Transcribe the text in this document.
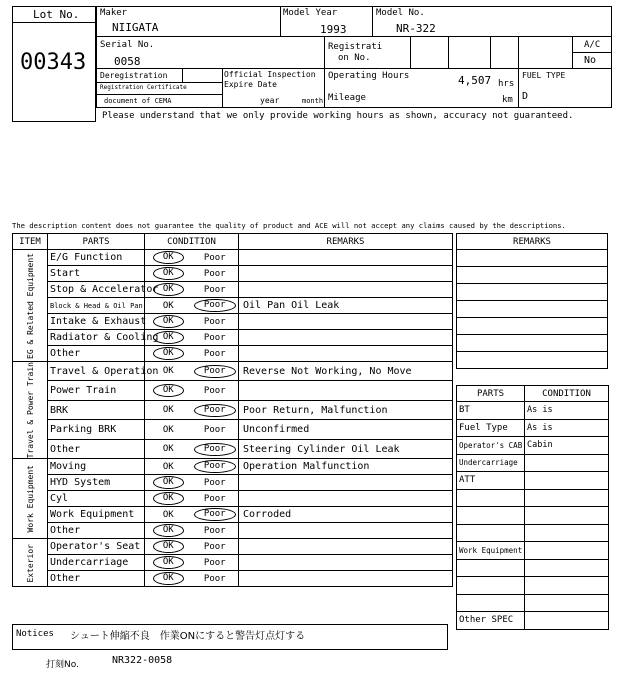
Lot No.
00343
Maker
NIIGATA
Model Year
1993
Model No.
NR-322
Serial No.
0058
Registrati
on No.
A/C
No
Deregistration
Registration Certificate
document of CEMA
Official Inspection
Expire Date
year	month
Operating Hours	4,507 hrs
Mileage	km
FUEL TYPE
D
Please understand that we only provide working hours as shown, accuracy not guaranteed.
The description content does not guarantee the quality of product and ACE will not accept any claims caused by the descriptions.
ITEM	PARTS	CONDITION		REMARKS

EG & Related Equipment	E/G Function	OK	Poor	
	Start	OK	Poor	
	Stop & Accelerator	OK	Poor	
	Block & Head & Oil Pan	OK	Poor	Oil Pan Oil Leak
	Intake & Exhaust	OK	Poor	
	Radiator & Cooling	OK	Poor	
	Other	OK	Poor	

Travel & Power Train	Travel & Operation	OK	Poor	Reverse Not Working, No Move
	Power Train	OK	Poor	
	BRK	OK	Poor	Poor Return, Malfunction
	Parking BRK	OK	Poor	Unconfirmed
	Other	OK	Poor	Steering Cylinder Oil Leak

Work Equipment	Moving	OK	Poor	Operation Malfunction
	HYD System	OK	Poor	
	Cyl	OK	Poor	
	Work Equipment	OK	Poor	Corroded
	Other	OK	Poor	

Exterior	Operator's Seat	OK	Poor	
	Undercarriage	OK	Poor	
	Other	OK	Poor	
REMARKS

PARTS	CONDITION
BT	As is
Fuel Type	As is
Operator's CAB	Cabin
Undercarriage	
ATT	

Work Equipment	

Other SPEC	
Notices シュート伸縮不良　作業ONにすると警告灯点灯する
打刻No.	NR322-0058
